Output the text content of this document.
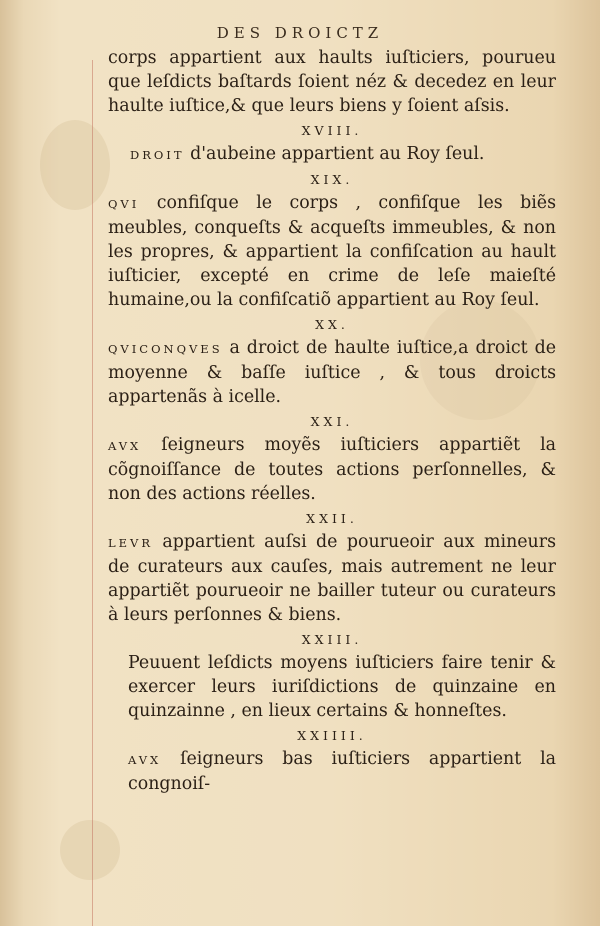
DES DROICTZ

corps appartient aux haults iuſticiers, pourueu que leſdicts baſtards ſoient néz & decedez en leur haulte iuſtice,& que leurs biens y ſoient aſsis.

XVIII.

DROIT d'aubeine appartient au Roy ſeul.

XIX.

QVI confiſque le corps , confiſque les biẽs meubles, conqueſts & acqueſts immeubles, & non les propres, & appartient la confiſcation au hault iuſticier, excepté en crime de leſe maieſté humaine,ou la confiſcatiõ appartient au Roy ſeul.

XX.

QVICONQVES a droict de haulte iuſtice,a droict de moyenne & baſſe iuſtice , & tous droicts appartenãs à icelle.

XXI.

AVX ſeigneurs moyẽs iuſticiers appartiẽt la cõgnoiſſance de toutes actions perſonnelles, & non des actions réelles.

XXII.

LEVR appartient auſsi de pourueoir aux mineurs de curateurs aux cauſes, mais autrement ne leur appartiẽt pourueoir ne bailler tuteur ou curateurs à leurs perſonnes & biens.

XXIII.

Peuuent leſdicts moyens iuſticiers faire tenir & exercer leurs iuriſdictions de quinzaine en quinzainne , en lieux certains & honneſtes.

XXIIII.

AVX ſeigneurs bas iuſticiers appartient la congnoiſ-
